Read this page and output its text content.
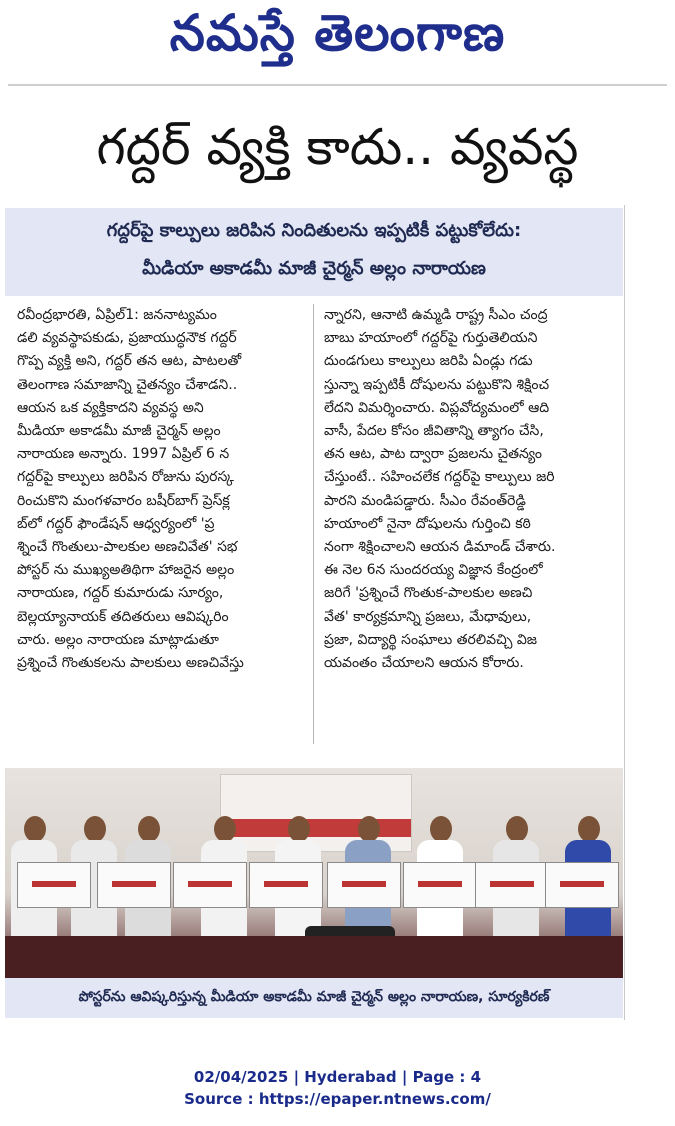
నమస్తే తెలంగాణ
గద్దర్ వ్యక్తి కాదు.. వ్యవస్థ
గద్దర్‌పై కాల్పులు జరిపిన నిందితులను ఇప్పటికీ పట్టుకోలేదు:
మీడియా అకాడమీ మాజీ చైర్మన్ అల్లం నారాయణ
రవీంద్రభారతి, ఏప్రిల్1: జననాట్యమం
డలి వ్యవస్థాపకుడు, ప్రజాయుద్ధనౌక గద్దర్
గొప్ప వ్యక్తి అని, గద్దర్ తన ఆట, పాటలతో
తెలంగాణ సమాజాన్ని చైతన్యం చేశాడని..
ఆయన ఒక వ్యక్తికాదని వ్యవస్థ అని
మీడియా అకాడమీ మాజీ చైర్మన్ అల్లం
నారాయణ అన్నారు. 1997 ఏప్రిల్ 6 న
గద్దర్‌పై కాల్పులు జరిపిన రోజును పురస్క
రించుకొని మంగళవారం బషీర్‌బాగ్ ప్రెస్‌క్ల
బ్‌లో గద్దర్ ఫౌండేషన్ ఆధ్వర్యంలో 'ప్ర
శ్నించే గొంతులు-పాలకుల అణచివేత' సభ
పోస్టర్ ను ముఖ్యఅతిథిగా హాజరైన అల్లం
నారాయణ, గద్దర్ కుమారుడు సూర్యం,
బెల్లయ్యానాయక్ తదితరులు ఆవిష్కరిం
చారు. అల్లం నారాయణ మాట్లాడుతూ
ప్రశ్నించే గొంతుకలను పాలకులు అణచివేస్తు
న్నారని, ఆనాటి ఉమ్మడి రాష్ట్ర సీఎం చంద్ర
బాబు హయాంలో గద్దర్‌పై గుర్తుతెలియని
దుండగులు కాల్పులు జరిపి ఏండ్లు గడు
స్తున్నా ఇప్పటికీ దోషులను పట్టుకొని శిక్షించ
లేదని విమర్శించారు. విప్లవోద్యమంలో ఆది
వాసీ, పేదల కోసం జీవితాన్ని త్యాగం చేసి,
తన ఆట, పాట ద్వారా ప్రజలను చైతన్యం
చేస్తుంటే.. సహించలేక గద్దర్‌పై కాల్పులు జరి
పారని మండిపడ్డారు. సీఎం రేవంత్‌రెడ్డి
హయాంలో నైనా దోషులను గుర్తించి కఠి
నంగా శిక్షించాలని ఆయన డిమాండ్ చేశారు.
ఈ నెల 6న సుందరయ్య విజ్ఞాన కేంద్రంలో
జరిగే 'ప్రశ్నించే గొంతుక-పాలకుల అణచి
వేత' కార్యక్రమాన్ని ప్రజలు, మేధావులు,
ప్రజా, విద్యార్థి సంఘాలు తరలివచ్చి విజ
యవంతం చేయాలని ఆయన కోరారు.
పోస్టర్‌ను ఆవిష్కరిస్తున్న మీడియా అకాడమీ మాజీ చైర్మన్ అల్లం నారాయణ, సూర్యకిరణ్
02/04/2025 | Hyderabad | Page : 4
Source : https://epaper.ntnews.com/
